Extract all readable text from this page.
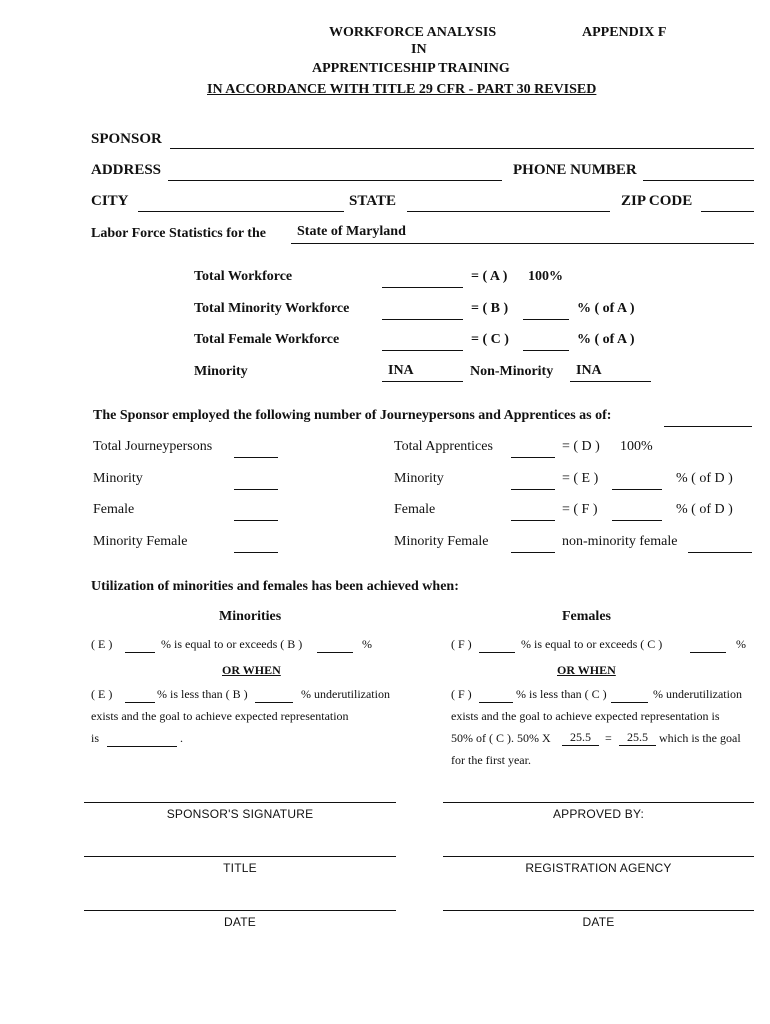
WORKFORCE ANALYSIS	APPENDIX F
IN
APPRENTICESHIP TRAINING
IN ACCORDANCE WITH TITLE 29 CFR - PART 30 REVISED
SPONSOR
ADDRESS	PHONE NUMBER
CITY	STATE	ZIP CODE
Labor Force Statistics for the	State of Maryland
Total Workforce	= ( A ) 100%
Total Minority Workforce	= ( B )	% ( of A )
Total Female Workforce	= ( C )	% ( of A )
Minority	INA	Non-Minority	INA
The Sponsor employed the following number of Journeypersons and Apprentices as of:
Total Journeypersons	Total Apprentices	= ( D ) 100%
Minority	Minority	= ( E )	% ( of D )
Female	Female	= ( F )	% ( of D )
Minority Female	Minority Female	non-minority female
Utilization of minorities and females has been achieved when:
Minorities	Females
( E )	% is equal to or exceeds ( B )	%	( F )	% is equal to or exceeds ( C )	%
OR WHEN	OR WHEN
( E )	% is less than ( B )	% underutilization	( F )	% is less than ( C )	% underutilization
exists and the goal to achieve expected representation	exists and the goal to achieve expected representation is
is	.	50% of ( C ). 50% X	25.5	=	25.5 which is the goal
for the first year.
SPONSOR'S SIGNATURE	APPROVED BY:
TITLE	REGISTRATION AGENCY
DATE	DATE
